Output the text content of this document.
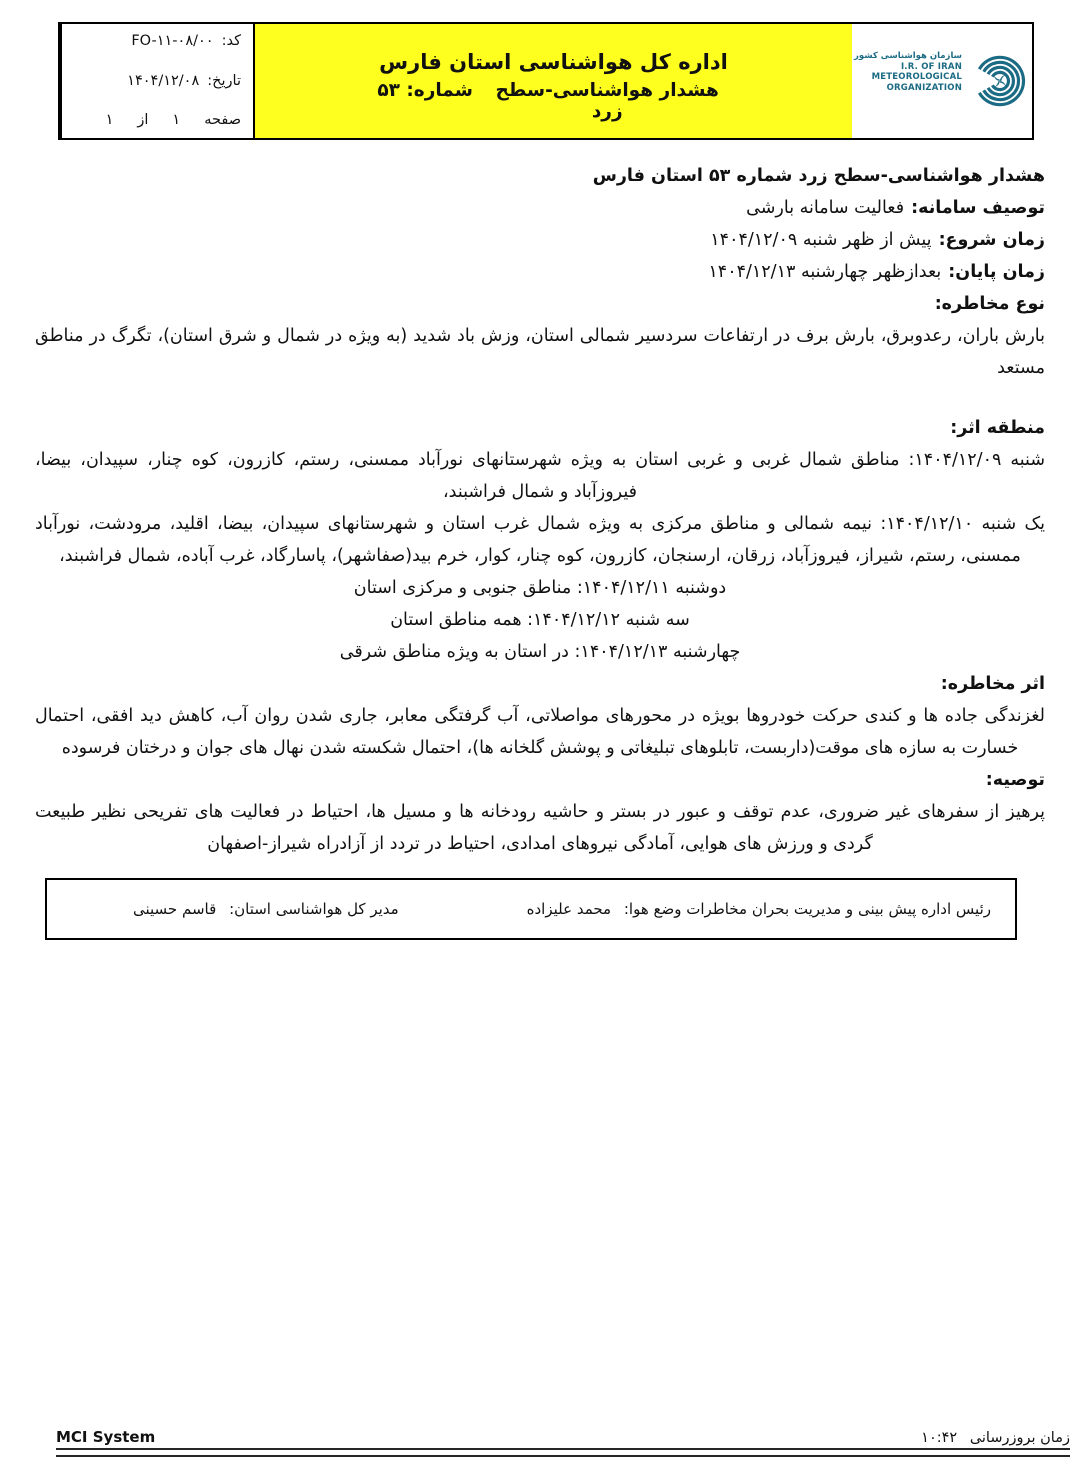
کد:
FO-۱۱-۰۸/۰۰
تاریخ:
۱۴۰۴/۱۲/۰۸
صفحه
۱
از
۱
اداره کل هواشناسی استان فارس
شماره: ۵۳	هشدار هواشناسی-سطح زرد
سازمان هواشناسی کشور
I.R. OF IRAN
METEOROLOGICAL
ORGANIZATION

هشدار هواشناسی-سطح زرد شماره ۵۳ استان فارس

توصیف سامانه:فعالیت سامانه بارشی

زمان شروع:پیش از ظهر شنبه ۱۴۰۴/۱۲/۰۹

زمان پایان:بعدازظهر چهارشنبه ۱۴۰۴/۱۲/۱۳

نوع مخاطره:

بارش باران، رعدوبرق، بارش برف در ارتفاعات سردسیر شمالی استان، وزش باد شدید (به ویژه در شمال و شرق استان)، تگرگ در مناطق مستعد

منطقه اثر:

شنبه ۱۴۰۴/۱۲/۰۹: مناطق شمال غربی و غربی استان به ویژه شهرستانهای نورآباد ممسنی، رستم، کازرون، کوه چنار، سپیدان، بیضا، فیروزآباد و شمال فراشبند،

یک شنبه ۱۴۰۴/۱۲/۱۰: نیمه شمالی و مناطق مرکزی به ویژه شمال غرب استان و شهرستانهای سپیدان، بیضا، اقلید، مرودشت، نورآباد ممسنی، رستم، شیراز، فیروزآباد، زرقان، ارسنجان، کازرون، کوه چنار، کوار، خرم بید(صفاشهر)، پاسارگاد، غرب آباده، شمال فراشبند،

دوشنبه ۱۴۰۴/۱۲/۱۱: مناطق جنوبی و مرکزی استان

سه شنبه ۱۴۰۴/۱۲/۱۲: همه مناطق استان

چهارشنبه ۱۴۰۴/۱۲/۱۳: در استان به ویژه مناطق شرقی

اثر مخاطره:

لغزندگی جاده ها و کندی حرکت خودروها بویژه در محورهای مواصلاتی، آب گرفتگی معابر، جاری شدن روان آب، کاهش دید افقی، احتمال خسارت به سازه های موقت(داربست، تابلوهای تبلیغاتی و پوشش گلخانه ها)، احتمال شکسته شدن نهال های جوان و درختان فرسوده

توصیه:

پرهیز از سفرهای غیر ضروری، عدم توقف و عبور در بستر و حاشیه رودخانه ها و مسیل ها، احتیاط در فعالیت های تفریحی نظیر طبیعت گردی و ورزش های هوایی، آمادگی نیروهای امدادی، احتیاط در تردد از آزادراه شیراز-اصفهان

رئیس اداره پیش بینی و مدیریت بحران مخاطرات وضع هوا: محمد علیزاده
مدیر کل هواشناسی استان: قاسم حسینی
MCI System	زمان بروزرسانی ۱۰:۴۲
